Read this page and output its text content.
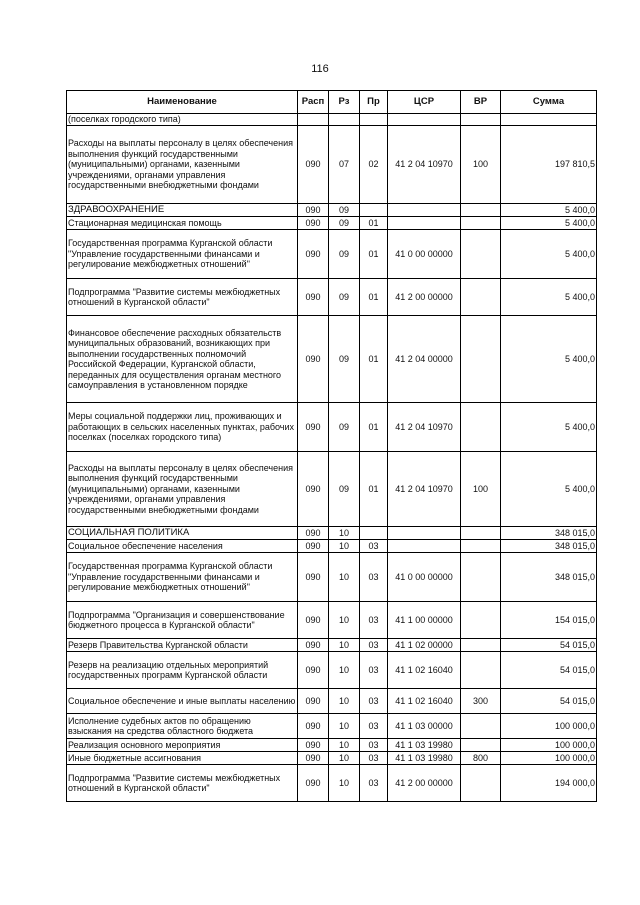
116
Наименование	Расп	Рз	Пр	ЦСР	ВР	Сумма
(поселках городского типа)						
Расходы на выплаты персоналу в целях обеспечения выполнения функций государственными (муниципальными) органами, казенными учреждениями, органами управления государственными внебюджетными фондами	090	07	02	41 2 04 10970	100	197 810,5
ЗДРАВООХРАНЕНИЕ	090	09				5 400,0
Стационарная медицинская помощь	090	09	01			5 400,0
Государственная программа Курганской области "Управление государственными финансами и регулирование межбюджетных отношений"	090	09	01	41 0 00 00000		5 400,0
Подпрограмма "Развитие системы межбюджетных отношений в Курганской области"	090	09	01	41 2 00 00000		5 400,0
Финансовое обеспечение расходных обязательств муниципальных образований, возникающих при выполнении государственных полномочий Российской Федерации, Курганской области, переданных для осуществления органам местного самоуправления в установленном порядке	090	09	01	41 2 04 00000		5 400,0
Меры социальной поддержки лиц, проживающих и работающих в сельских населенных пунктах, рабочих поселках (поселках городского типа)	090	09	01	41 2 04 10970		5 400,0
Расходы на выплаты персоналу в целях обеспечения выполнения функций государственными (муниципальными) органами, казенными учреждениями, органами управления государственными внебюджетными фондами	090	09	01	41 2 04 10970	100	5 400,0
СОЦИАЛЬНАЯ ПОЛИТИКА	090	10				348 015,0
Социальное обеспечение населения	090	10	03			348 015,0
Государственная программа Курганской области "Управление государственными финансами и регулирование межбюджетных отношений"	090	10	03	41 0 00 00000		348 015,0
Подпрограмма "Организация и совершенствование бюджетного процесса в Курганской области"	090	10	03	41 1 00 00000		154 015,0
Резерв Правительства Курганской области	090	10	03	41 1 02 00000		54 015,0
Резерв на реализацию отдельных мероприятий государственных программ Курганской области	090	10	03	41 1 02 16040		54 015,0
Социальное обеспечение и иные выплаты населению	090	10	03	41 1 02 16040	300	54 015,0
Исполнение судебных актов по обращению взыскания на средства областного бюджета	090	10	03	41 1 03 00000		100 000,0
Реализация основного мероприятия	090	10	03	41 1 03 19980		100 000,0
Иные бюджетные ассигнования	090	10	03	41 1 03 19980	800	100 000,0
Подпрограмма "Развитие системы межбюджетных отношений в Курганской области"	090	10	03	41 2 00 00000		194 000,0
